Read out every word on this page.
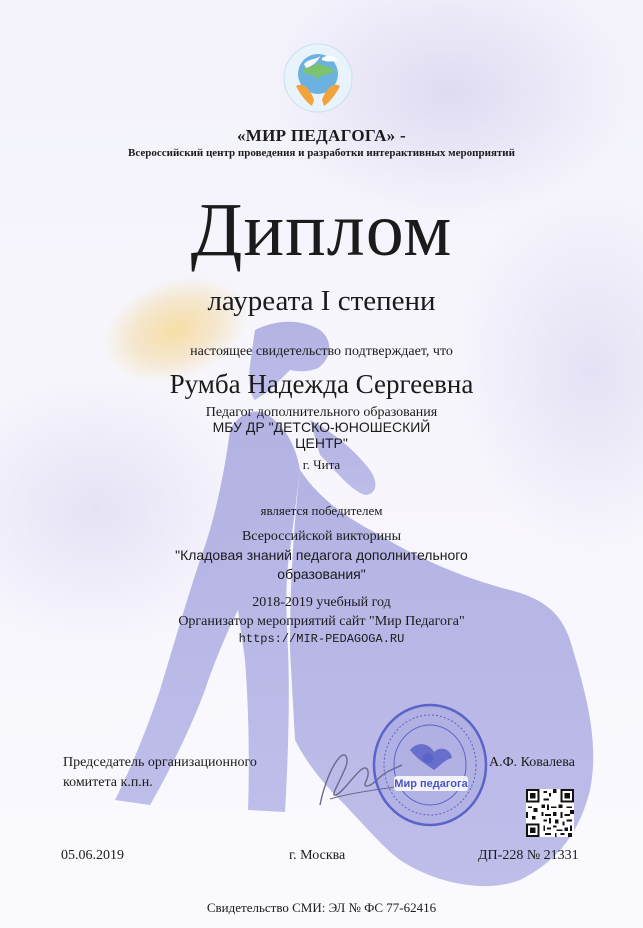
«МИР ПЕДАГОГА» -
Всероссийский центр проведения и разработки интерактивных мероприятий
Диплом
лауреата I степени
настоящее свидетельство подтверждает, что
Румба Надежда Сергеевна
Педагог дополнительного образования
МБУ ДР "ДЕТСКО-ЮНОШЕСКИЙ
ЦЕНТР"
г. Чита
является победителем
Всероссийской викторины
"Кладовая знаний педагога дополнительного
образования"
2018-2019 учебный год
Организатор мероприятий сайт "Мир Педагога"
https://MIR-PEDAGOGA.RU
Председатель организационного
комитета к.п.н.
А.Ф. Ковалева
Мир педагога
05.06.2019	г. Москва	ДП-228 № 21331
Свидетельство СМИ: ЭЛ № ФС 77-62416
